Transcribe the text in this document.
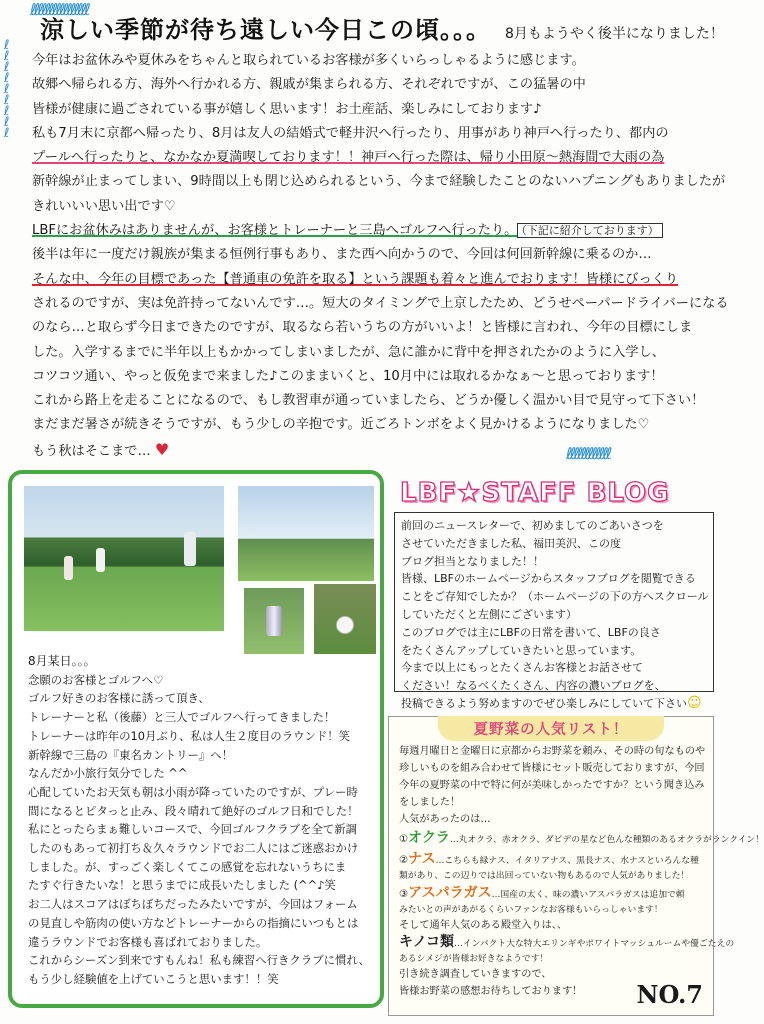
ℓℓℓℓℓℓℓℓℓℓℓℓℓℓℓℓ
ℓ
ℓ
ℓ
ℓ
ℓ
ℓ
ℓ
ℓ
ℓ
ℓℓℓℓℓℓℓℓℓℓℓℓ
涼しい季節が待ち遠しい今日この頃。。。 8月もようやく後半になりました！

今年はお盆休みや夏休みをちゃんと取られているお客様が多くいらっしゃるように感じます。

故郷へ帰られる方、海外へ行かれる方、親戚が集まられる方、それぞれですが、この猛暑の中

皆様が健康に過ごされている事が嬉しく思います！お土産話、楽しみにしております♪

私も7月末に京都へ帰ったり、8月は友人の結婚式で軽井沢へ行ったり、用事があり神戸へ行ったり、都内の

プールへ行ったりと、なかなか夏満喫しております！！神戸へ行った際は、帰り小田原～熱海間で大雨の為

新幹線が止まってしまい、9時間以上も閉じ込められるという、今まで経験したことのないハプニングもありましたが

きれいいい思い出です♡

LBFにお盆休みはありませんが、お客様とトレーナーと三島へゴルフへ行ったり。 （下記に紹介しております）

後半は年に一度だけ親族が集まる恒例行事もあり、また西へ向かうので、今回は何回新幹線に乗るのか…

そんな中、今年の目標であった【普通車の免許を取る】という課題も着々と進んでおります！皆様にびっくり

されるのですが、実は免許持ってないんです…。短大のタイミングで上京したため、どうせペーパードライバーになる

のなら…と取らず今日まできたのですが、取るなら若いうちの方がいいよ！と皆様に言われ、今年の目標にしま

した。入学するまでに半年以上もかかってしまいましたが、急に誰かに背中を押されたかのように入学し、

コツコツ通い、やっと仮免まで来ました♪このままいくと、10月中には取れるかなぁ～と思っております！

これから路上を走ることになるので、もし教習車が通っていましたら、どうか優しく温かい目で見守って下さい！

まだまだ暑さが続きそうですが、もう少しの辛抱です。近ごろトンボをよく見かけるようになりました♡

もう秋はそこまで… ♥

8月某日。。。

念願のお客様とゴルフへ♡

ゴルフ好きのお客様に誘って頂き、

トレーナーと私（後藤）と三人でゴルフへ行ってきました！

トレーナーは昨年の10月ぶり、私は人生２度目のラウンド！笑

新幹線で三島の『東名カントリー』へ！

なんだか小旅行気分でした ^^

心配していたお天気も朝は小雨が降っていたのですが、プレー時

間になるとピタっと止み、段々晴れて絶好のゴルフ日和でした！

私にとったらまぁ難しいコースで、今回ゴルフクラブを全て新調

したのもあって初打ち＆久々ラウンドでお二人にはご迷惑おかけ

しました。が、すっごく楽しくてこの感覚を忘れないうちにま

たすぐ行きたいな！と思うまでに成長いたしました (^^♪笑

お二人はスコアはぼちぼちだったみたいですが、今回はフォーム

の見直しや筋肉の使い方などトレーナーからの指摘にいつもとは

違うラウンドでお客様も喜ばれておりました。

これからシーズン到来ですもんね！私も練習へ行きクラブに慣れ、

もう少し経験値を上げていこうと思います！！笑

LBF★STAFF BLOG

前回のニュースレターで、初めましてのごあいさつを

させていただきました私、福田美沢、この度

ブログ担当となりました！！

皆様、LBFのホームページからスタッフブログを閲覧できる

ことをご存知でしたか？（ホームページの下の方へスクロール

していただくと左側にございます）

このブログでは主にLBFの日常を書いて、LBFの良さ

をたくさんアップしていきたいと思っています。

今まで以上にもっとたくさんお客様とお話させて

ください！なるべくたくさん、内容の濃いブログを、

投稿できるよう努めますのでぜひ楽しみにしていて下さい☺

夏野菜の人気リスト！

毎週月曜日と金曜日に京都からお野菜を頼み、その時の旬なものや

珍しいものを組み合わせて皆様にセット販売しておりますが、今回

今年の夏野菜の中で特に何が美味しかったですか？という聞き込み

をしました！

人気があったのは…

①オクラ…丸オクラ、赤オクラ、ダビデの星など色んな種類のあるオクラがランクイン！

②ナス…こちらも緑ナス、イタリアナス、黒長ナス、水ナスといろんな種

類があり、この辺りでは出回っていない物もあるので人気がありました！

③アスパラガス…国産の太く、味の濃いアスパラガスは追加で頼

みたいとの声があがるくらいファンなお客様もいらっしゃいます！

そして通年人気のある殿堂入りは、、

キノコ類…インパクト大な特大エリンギやポワイトマッシュルームや優ごたえの

あるシメジが皆様お好きなようです！

引き続き調査していきますので、

皆様お野菜の感想お待ちしております！	NO.7
